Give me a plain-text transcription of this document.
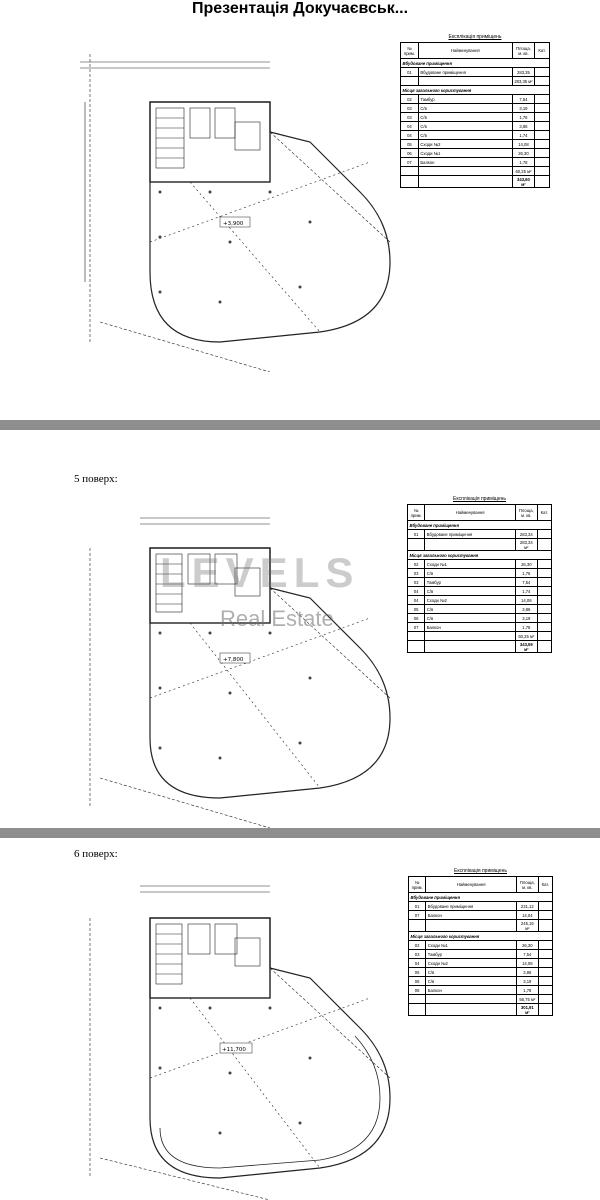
Презентація Докучаєвськ...
+3,900
Експлікація приміщень
№ прим.	Найменування	Площа, м. кв.	Кат.
Вбудоване приміщення			
01	Вбудоване приміщення	283,35	
		283,35 м²	
Місця загального користування			
02	Тамбур	7,54	
03	С/в	3,19	
03	С/в	1,76	
04	С/в	3,86	
04	С/в	1,74	
05	Сходи №2	14,08	
06	Сходи №1	26,30	
07	Балкон	1,78	
		60,25 м²	
		343,60 м²	
5 поверх:
+7,800
Експлікація приміщень
№ прим.	Найменування	Площа, м. кв.	Кат.
Вбудоване приміщення			
01	Вбудоване приміщення	283,34	
		283,34 м²	
Місця загального користування			
02	Сходи №1	26,30	
03	С/в	1,76	
03	Тамбур	7,54	
04	С/в	1,74	
04	Сходи №2	14,08	
05	С/в	3,86	
06	С/в	3,19	
07	Балкон	1,78	
		60,25 м²	
		343,59 м²	
6 поверх:
+11,700
Експлікація приміщень
№ прим.	Найменування	Площа, м. кв.	Кат.
Вбудоване приміщення			
01	Вбудоване приміщення	231,12	
07	Балкон	14,04	
		245,16 м²	
Місця загального користування			
02	Сходи №1	26,30	
03	Тамбур	7,54	
04	Сходи №2	14,08	
05	С/в	3,86	
06	С/в	3,19	
08	Балкон	1,78	
		56,75 м²	
		301,91 м²	
LEVELS
Real Estate
